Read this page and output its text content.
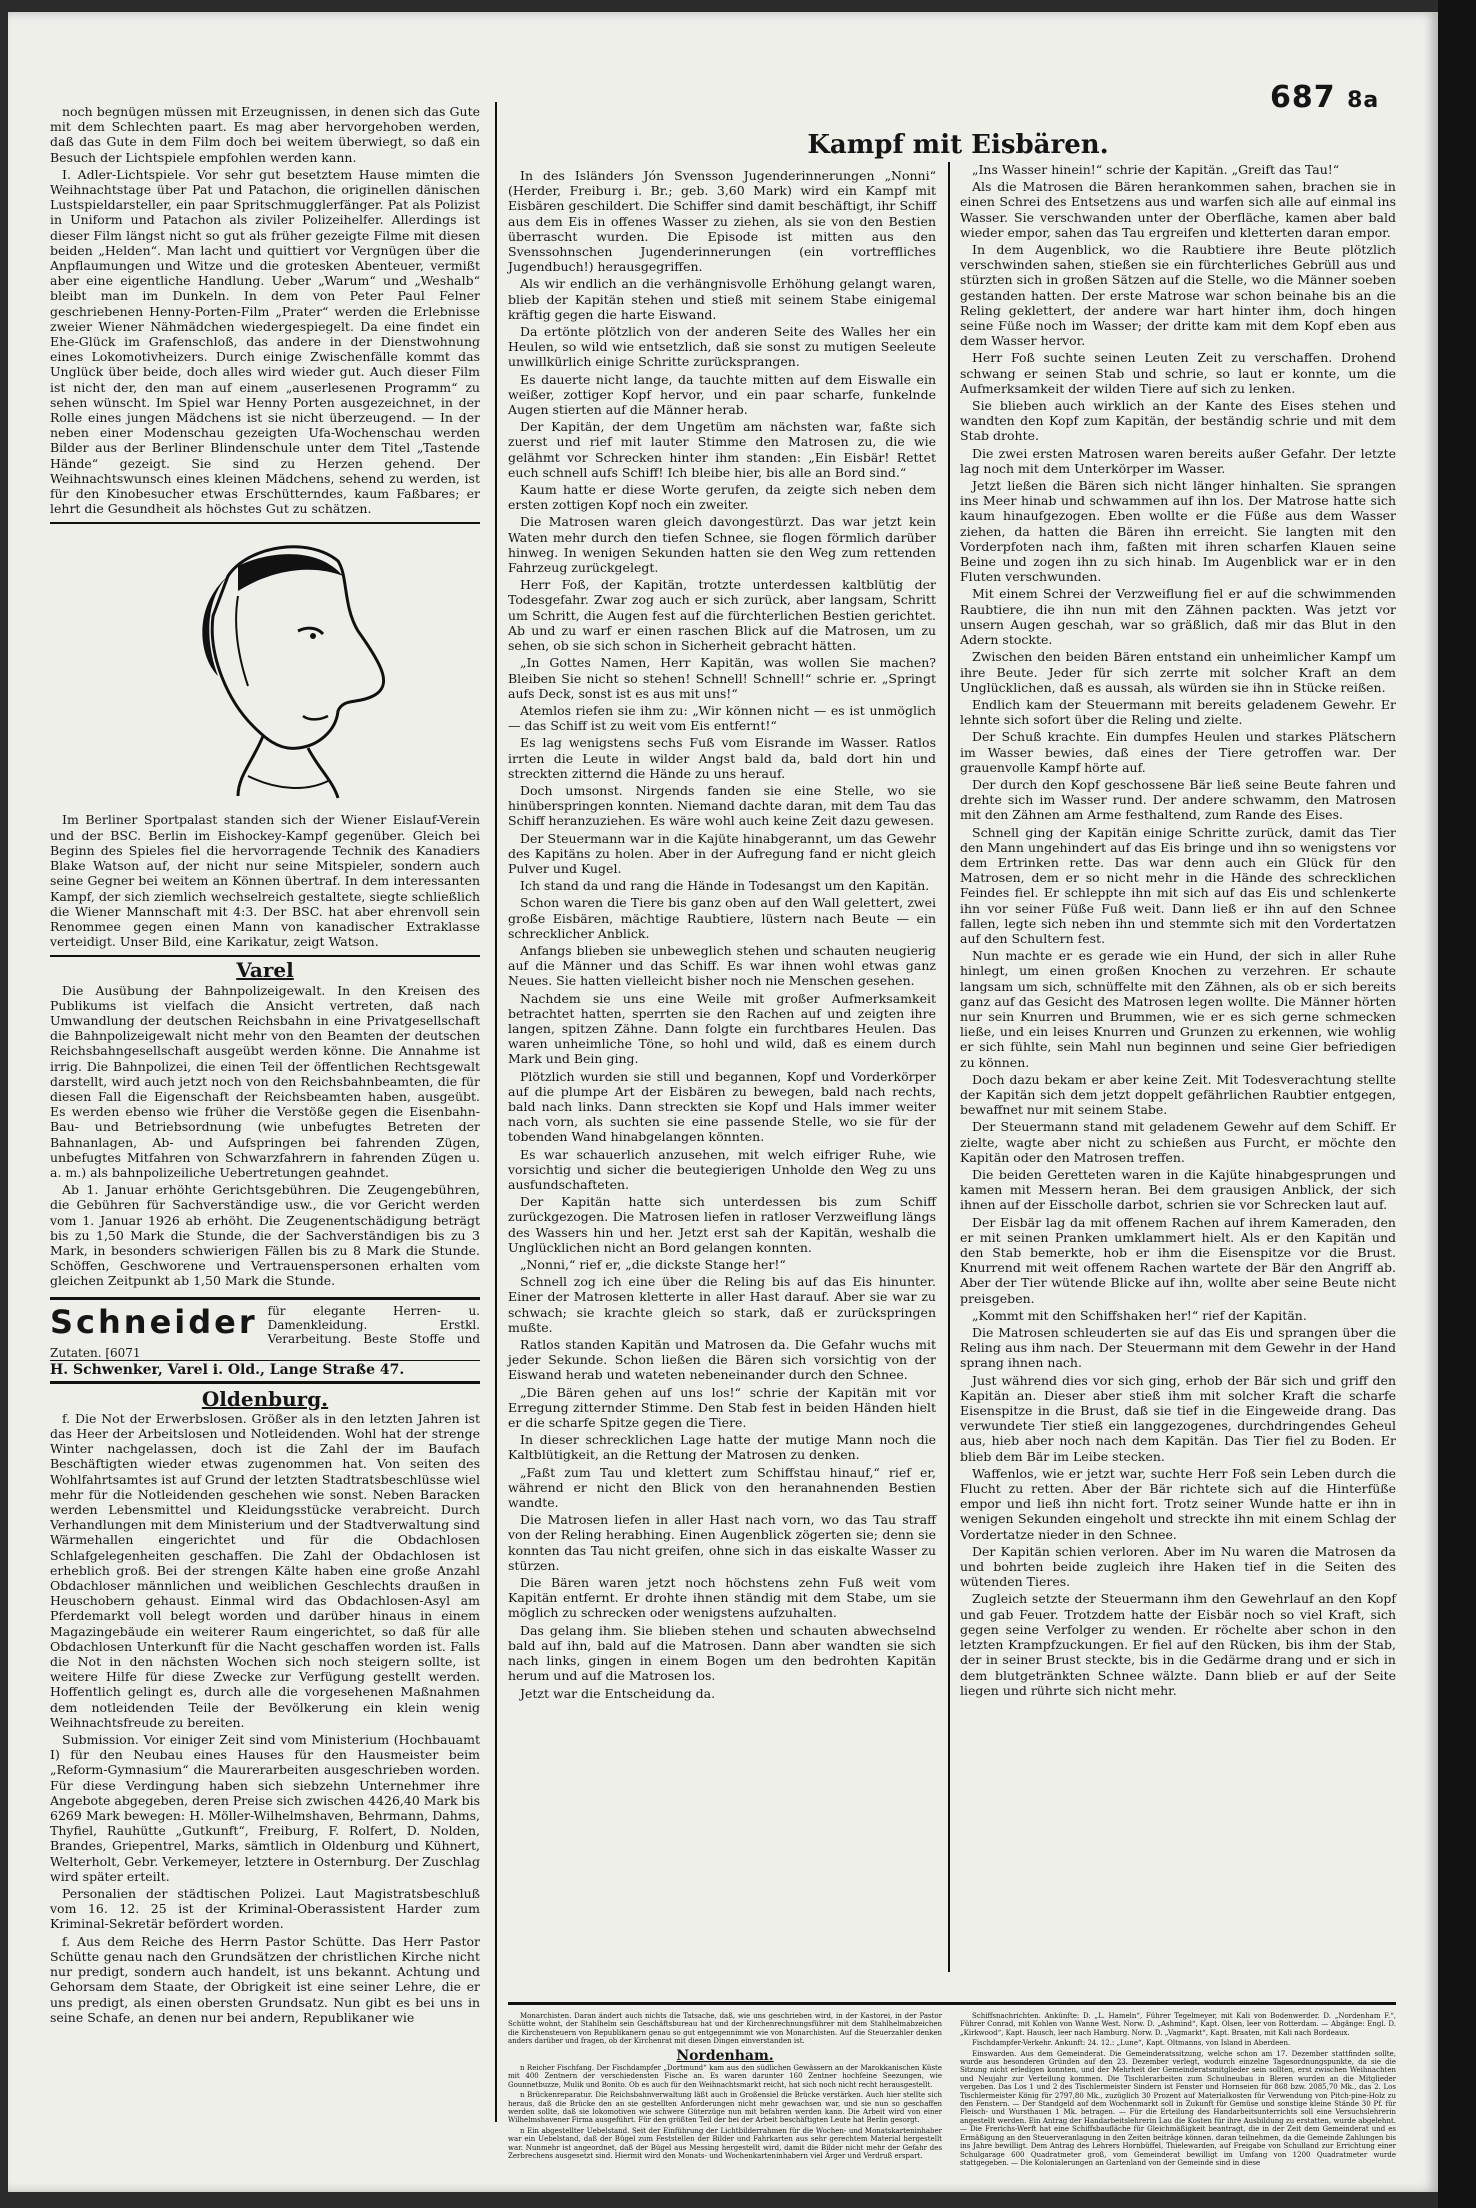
687 8a

noch begnügen müssen mit Erzeugnissen, in denen sich das Gute mit dem Schlechten paart. Es mag aber hervorgehoben werden, daß das Gute in dem Film doch bei weitem überwiegt, so daß ein Besuch der Lichtspiele empfohlen werden kann.

I. Adler-Lichtspiele. Vor sehr gut besetztem Hause mimten die Weihnachtstage über Pat und Patachon, die originellen dänischen Lustspieldarsteller, ein paar Spritschmugglerfänger. Pat als Polizist in Uniform und Patachon als ziviler Polizeihelfer. Allerdings ist dieser Film längst nicht so gut als früher gezeigte Filme mit diesen beiden „Helden“. Man lacht und quittiert vor Vergnügen über die Anpflaumungen und Witze und die grotesken Abenteuer, vermißt aber eine eigentliche Handlung. Ueber „Warum“ und „Weshalb“ bleibt man im Dunkeln. In dem von Peter Paul Felner geschriebenen Henny-Porten-Film „Prater“ werden die Erlebnisse zweier Wiener Nähmädchen wiedergespiegelt. Da eine findet ein Ehe-Glück im Grafenschloß, das andere in der Dienstwohnung eines Lokomotivheizers. Durch einige Zwischenfälle kommt das Unglück über beide, doch alles wird wieder gut. Auch dieser Film ist nicht der, den man auf einem „auserlesenen Programm“ zu sehen wünscht. Im Spiel war Henny Porten ausgezeichnet, in der Rolle eines jungen Mädchens ist sie nicht überzeugend. — In der neben einer Modenschau gezeigten Ufa-Wochenschau werden Bilder aus der Berliner Blindenschule unter dem Titel „Tastende Hände“ gezeigt. Sie sind zu Herzen gehend. Der Weihnachtswunsch eines kleinen Mädchens, sehend zu werden, ist für den Kinobesucher etwas Erschütterndes, kaum Faßbares; er lehrt die Gesundheit als höchstes Gut zu schätzen.

Im Berliner Sportpalast standen sich der Wiener Eislauf-Verein und der BSC. Berlin im Eishockey-Kampf gegenüber. Gleich bei Beginn des Spieles fiel die hervorragende Technik des Kanadiers Blake Watson auf, der nicht nur seine Mitspieler, sondern auch seine Gegner bei weitem an Können übertraf. In dem interessanten Kampf, der sich ziemlich wechselreich gestaltete, siegte schließlich die Wiener Mannschaft mit 4:3. Der BSC. hat aber ehrenvoll sein Renommee gegen einen Mann von kanadischer Extraklasse verteidigt. Unser Bild, eine Karikatur, zeigt Watson.

Varel

Die Ausübung der Bahnpolizeigewalt. In den Kreisen des Publikums ist vielfach die Ansicht vertreten, daß nach Umwandlung der deutschen Reichsbahn in eine Privatgesellschaft die Bahnpolizeigewalt nicht mehr von den Beamten der deutschen Reichsbahngesellschaft ausgeübt werden könne. Die Annahme ist irrig. Die Bahnpolizei, die einen Teil der öffentlichen Rechtsgewalt darstellt, wird auch jetzt noch von den Reichsbahnbeamten, die für diesen Fall die Eigenschaft der Reichsbeamten haben, ausgeübt. Es werden ebenso wie früher die Verstöße gegen die Eisenbahn-Bau- und Betriebsordnung (wie unbefugtes Betreten der Bahnanlagen, Ab- und Aufspringen bei fahrenden Zügen, unbefugtes Mitfahren von Schwarzfahrern in fahrenden Zügen u. a. m.) als bahnpolizeiliche Uebertretungen geahndet.

Ab 1. Januar erhöhte Gerichtsgebühren. Die Zeugengebühren, die Gebühren für Sachverständige usw., die vor Gericht werden vom 1. Januar 1926 ab erhöht. Die Zeugenentschädigung beträgt bis zu 1,50 Mark die Stunde, die der Sachverständigen bis zu 3 Mark, in besonders schwierigen Fällen bis zu 8 Mark die Stunde. Schöffen, Geschworene und Vertrauenspersonen erhalten vom gleichen Zeitpunkt ab 1,50 Mark die Stunde.

Schneider für elegante Herren- u. Damenkleidung. Erstkl. Verarbeitung. Beste Stoffe und Zutaten. [6071
H. Schwenker, Varel i. Old., Lange Straße 47.
Oldenburg.

f. Die Not der Erwerbslosen. Größer als in den letzten Jahren ist das Heer der Arbeitslosen und Notleidenden. Wohl hat der strenge Winter nachgelassen, doch ist die Zahl der im Baufach Beschäftigten wieder etwas zugenommen hat. Von seiten des Wohlfahrtsamtes ist auf Grund der letzten Stadtratsbeschlüsse wiel mehr für die Notleidenden geschehen wie sonst. Neben Baracken werden Lebensmittel und Kleidungsstücke verabreicht. Durch Verhandlungen mit dem Ministerium und der Stadtverwaltung sind Wärmehallen eingerichtet und für die Obdachlosen Schlafgelegenheiten geschaffen. Die Zahl der Obdachlosen ist erheblich groß. Bei der strengen Kälte haben eine große Anzahl Obdachloser männlichen und weiblichen Geschlechts draußen in Heuschobern gehaust. Einmal wird das Obdachlosen-Asyl am Pferdemarkt voll belegt worden und darüber hinaus in einem Magazingebäude ein weiterer Raum eingerichtet, so daß für alle Obdachlosen Unterkunft für die Nacht geschaffen worden ist. Falls die Not in den nächsten Wochen sich noch steigern sollte, ist weitere Hilfe für diese Zwecke zur Verfügung gestellt werden. Hoffentlich gelingt es, durch alle die vorgesehenen Maßnahmen dem notleidenden Teile der Bevölkerung ein klein wenig Weihnachtsfreude zu bereiten.

Submission. Vor einiger Zeit sind vom Ministerium (Hochbauamt I) für den Neubau eines Hauses für den Hausmeister beim „Reform-Gymnasium“ die Maurerarbeiten ausgeschrieben worden. Für diese Verdingung haben sich siebzehn Unternehmer ihre Angebote abgegeben, deren Preise sich zwischen 4426,40 Mark bis 6269 Mark bewegen: H. Möller-Wilhelmshaven, Behrmann, Dahms, Thyfiel, Rauhütte „Gutkunft“, Freiburg, F. Rolfert, D. Nolden, Brandes, Griepentrel, Marks, sämtlich in Oldenburg und Kühnert, Welterholt, Gebr. Verkemeyer, letztere in Osternburg. Der Zuschlag wird später erteilt.

Personalien der städtischen Polizei. Laut Magistratsbeschluß vom 16. 12. 25 ist der Kriminal-Oberassistent Harder zum Kriminal-Sekretär befördert worden.

f. Aus dem Reiche des Herrn Pastor Schütte. Das Herr Pastor Schütte genau nach den Grundsätzen der christlichen Kirche nicht nur predigt, sondern auch handelt, ist uns bekannt. Achtung und Gehorsam dem Staate, der Obrigkeit ist eine seiner Lehre, die er uns predigt, als einen obersten Grundsatz. Nun gibt es bei uns in seine Schafe, an denen nur bei andern, Republikaner wie

Kampf mit Eisbären.

In des Isländers Jón Svensson Jugenderinnerungen „Nonni“ (Herder, Freiburg i. Br.; geb. 3,60 Mark) wird ein Kampf mit Eisbären geschildert. Die Schiffer sind damit beschäftigt, ihr Schiff aus dem Eis in offenes Wasser zu ziehen, als sie von den Bestien überrascht wurden. Die Episode ist mitten aus den Svenssohnschen Jugenderinnerungen (ein vortreffliches Jugendbuch!) herausgegriffen.

Als wir endlich an die verhängnisvolle Erhöhung gelangt waren, blieb der Kapitän stehen und stieß mit seinem Stabe einigemal kräftig gegen die harte Eiswand.

Da ertönte plötzlich von der anderen Seite des Walles her ein Heulen, so wild wie entsetzlich, daß sie sonst zu mutigen Seeleute unwillkürlich einige Schritte zurücksprangen.

Es dauerte nicht lange, da tauchte mitten auf dem Eiswalle ein weißer, zottiger Kopf hervor, und ein paar scharfe, funkelnde Augen stierten auf die Männer herab.

Der Kapitän, der dem Ungetüm am nächsten war, faßte sich zuerst und rief mit lauter Stimme den Matrosen zu, die wie gelähmt vor Schrecken hinter ihm standen: „Ein Eisbär! Rettet euch schnell aufs Schiff! Ich bleibe hier, bis alle an Bord sind.“

Kaum hatte er diese Worte gerufen, da zeigte sich neben dem ersten zottigen Kopf noch ein zweiter.

Die Matrosen waren gleich davongestürzt. Das war jetzt kein Waten mehr durch den tiefen Schnee, sie flogen förmlich darüber hinweg. In wenigen Sekunden hatten sie den Weg zum rettenden Fahrzeug zurückgelegt.

Herr Foß, der Kapitän, trotzte unterdessen kaltblütig der Todesgefahr. Zwar zog auch er sich zurück, aber langsam, Schritt um Schritt, die Augen fest auf die fürchterlichen Bestien gerichtet. Ab und zu warf er einen raschen Blick auf die Matrosen, um zu sehen, ob sie sich schon in Sicherheit gebracht hätten.

„In Gottes Namen, Herr Kapitän, was wollen Sie machen? Bleiben Sie nicht so stehen! Schnell! Schnell!“ schrie er. „Springt aufs Deck, sonst ist es aus mit uns!“

Atemlos riefen sie ihm zu: „Wir können nicht — es ist unmöglich — das Schiff ist zu weit vom Eis entfernt!“

Es lag wenigstens sechs Fuß vom Eisrande im Wasser. Ratlos irrten die Leute in wilder Angst bald da, bald dort hin und streckten zitternd die Hände zu uns herauf.

Doch umsonst. Nirgends fanden sie eine Stelle, wo sie hinüberspringen konnten. Niemand dachte daran, mit dem Tau das Schiff heranzuziehen. Es wäre wohl auch keine Zeit dazu gewesen.

Der Steuermann war in die Kajüte hinabgerannt, um das Gewehr des Kapitäns zu holen. Aber in der Aufregung fand er nicht gleich Pulver und Kugel.

Ich stand da und rang die Hände in Todesangst um den Kapitän.

Schon waren die Tiere bis ganz oben auf den Wall gelettert, zwei große Eisbären, mächtige Raubtiere, lüstern nach Beute — ein schrecklicher Anblick.

Anfangs blieben sie unbeweglich stehen und schauten neugierig auf die Männer und das Schiff. Es war ihnen wohl etwas ganz Neues. Sie hatten vielleicht bisher noch nie Menschen gesehen.

Nachdem sie uns eine Weile mit großer Aufmerksamkeit betrachtet hatten, sperrten sie den Rachen auf und zeigten ihre langen, spitzen Zähne. Dann folgte ein furchtbares Heulen. Das waren unheimliche Töne, so hohl und wild, daß es einem durch Mark und Bein ging.

Plötzlich wurden sie still und begannen, Kopf und Vorderkörper auf die plumpe Art der Eisbären zu bewegen, bald nach rechts, bald nach links. Dann streckten sie Kopf und Hals immer weiter nach vorn, als suchten sie eine passende Stelle, wo sie für der tobenden Wand hinabgelangen könnten.

Es war schauerlich anzusehen, mit welch eifriger Ruhe, wie vorsichtig und sicher die beutegierigen Unholde den Weg zu uns ausfundschafteten.

Der Kapitän hatte sich unterdessen bis zum Schiff zurückgezogen. Die Matrosen liefen in ratloser Verzweiflung längs des Wassers hin und her. Jetzt erst sah der Kapitän, weshalb die Unglücklichen nicht an Bord gelangen konnten.

„Nonni,“ rief er, „die dickste Stange her!“

Schnell zog ich eine über die Reling bis auf das Eis hinunter. Einer der Matrosen kletterte in aller Hast darauf. Aber sie war zu schwach; sie krachte gleich so stark, daß er zurückspringen mußte.

Ratlos standen Kapitän und Matrosen da. Die Gefahr wuchs mit jeder Sekunde. Schon ließen die Bären sich vorsichtig von der Eiswand herab und wateten nebeneinander durch den Schnee.

„Die Bären gehen auf uns los!“ schrie der Kapitän mit vor Erregung zitternder Stimme. Den Stab fest in beiden Händen hielt er die scharfe Spitze gegen die Tiere.

In dieser schrecklichen Lage hatte der mutige Mann noch die Kaltblütigkeit, an die Rettung der Matrosen zu denken.

„Faßt zum Tau und klettert zum Schiffstau hinauf,“ rief er, während er nicht den Blick von den heranahnenden Bestien wandte.

Die Matrosen liefen in aller Hast nach vorn, wo das Tau straff von der Reling herabhing. Einen Augenblick zögerten sie; denn sie konnten das Tau nicht greifen, ohne sich in das eiskalte Wasser zu stürzen.

Die Bären waren jetzt noch höchstens zehn Fuß weit vom Kapitän entfernt. Er drohte ihnen ständig mit dem Stabe, um sie möglich zu schrecken oder wenigstens aufzuhalten.

Das gelang ihm. Sie blieben stehen und schauten abwechselnd bald auf ihn, bald auf die Matrosen. Dann aber wandten sie sich nach links, gingen in einem Bogen um den bedrohten Kapitän herum und auf die Matrosen los.

Jetzt war die Entscheidung da.

„Ins Wasser hinein!“ schrie der Kapitän. „Greift das Tau!“

Als die Matrosen die Bären herankommen sahen, brachen sie in einen Schrei des Entsetzens aus und warfen sich alle auf einmal ins Wasser. Sie verschwanden unter der Oberfläche, kamen aber bald wieder empor, sahen das Tau ergreifen und kletterten daran empor.

In dem Augenblick, wo die Raubtiere ihre Beute plötzlich verschwinden sahen, stießen sie ein fürchterliches Gebrüll aus und stürzten sich in großen Sätzen auf die Stelle, wo die Männer soeben gestanden hatten. Der erste Matrose war schon beinahe bis an die Reling geklettert, der andere war hart hinter ihm, doch hingen seine Füße noch im Wasser; der dritte kam mit dem Kopf eben aus dem Wasser hervor.

Herr Foß suchte seinen Leuten Zeit zu verschaffen. Drohend schwang er seinen Stab und schrie, so laut er konnte, um die Aufmerksamkeit der wilden Tiere auf sich zu lenken.

Sie blieben auch wirklich an der Kante des Eises stehen und wandten den Kopf zum Kapitän, der beständig schrie und mit dem Stab drohte.

Die zwei ersten Matrosen waren bereits außer Gefahr. Der letzte lag noch mit dem Unterkörper im Wasser.

Jetzt ließen die Bären sich nicht länger hinhalten. Sie sprangen ins Meer hinab und schwammen auf ihn los. Der Matrose hatte sich kaum hinaufgezogen. Eben wollte er die Füße aus dem Wasser ziehen, da hatten die Bären ihn erreicht. Sie langten mit den Vorderpfoten nach ihm, faßten mit ihren scharfen Klauen seine Beine und zogen ihn zu sich hinab. Im Augenblick war er in den Fluten verschwunden.

Mit einem Schrei der Verzweiflung fiel er auf die schwimmenden Raubtiere, die ihn nun mit den Zähnen packten. Was jetzt vor unsern Augen geschah, war so gräßlich, daß mir das Blut in den Adern stockte.

Zwischen den beiden Bären entstand ein unheimlicher Kampf um ihre Beute. Jeder für sich zerrte mit solcher Kraft an dem Unglücklichen, daß es aussah, als würden sie ihn in Stücke reißen.

Endlich kam der Steuermann mit bereits geladenem Gewehr. Er lehnte sich sofort über die Reling und zielte.

Der Schuß krachte. Ein dumpfes Heulen und starkes Plätschern im Wasser bewies, daß eines der Tiere getroffen war. Der grauenvolle Kampf hörte auf.

Der durch den Kopf geschossene Bär ließ seine Beute fahren und drehte sich im Wasser rund. Der andere schwamm, den Matrosen mit den Zähnen am Arme festhaltend, zum Rande des Eises.

Schnell ging der Kapitän einige Schritte zurück, damit das Tier den Mann ungehindert auf das Eis bringe und ihn so wenigstens vor dem Ertrinken rette. Das war denn auch ein Glück für den Matrosen, dem er so nicht mehr in die Hände des schrecklichen Feindes fiel. Er schleppte ihn mit sich auf das Eis und schlenkerte ihn vor seiner Füße Fuß weit. Dann ließ er ihn auf den Schnee fallen, legte sich neben ihn und stemmte sich mit den Vordertatzen auf den Schultern fest.

Nun machte er es gerade wie ein Hund, der sich in aller Ruhe hinlegt, um einen großen Knochen zu verzehren. Er schaute langsam um sich, schnüffelte mit den Zähnen, als ob er sich bereits ganz auf das Gesicht des Matrosen legen wollte. Die Männer hörten nur sein Knurren und Brummen, wie er es sich gerne schmecken ließe, und ein leises Knurren und Grunzen zu erkennen, wie wohlig er sich fühlte, sein Mahl nun beginnen und seine Gier befriedigen zu können.

Doch dazu bekam er aber keine Zeit. Mit Todesverachtung stellte der Kapitän sich dem jetzt doppelt gefährlichen Raubtier entgegen, bewaffnet nur mit seinem Stabe.

Der Steuermann stand mit geladenem Gewehr auf dem Schiff. Er zielte, wagte aber nicht zu schießen aus Furcht, er möchte den Kapitän oder den Matrosen treffen.

Die beiden Geretteten waren in die Kajüte hinabgesprungen und kamen mit Messern heran. Bei dem grausigen Anblick, der sich ihnen auf der Eisscholle darbot, schrien sie vor Schrecken laut auf.

Der Eisbär lag da mit offenem Rachen auf ihrem Kameraden, den er mit seinen Pranken umklammert hielt. Als er den Kapitän und den Stab bemerkte, hob er ihm die Eisenspitze vor die Brust. Knurrend mit weit offenem Rachen wartete der Bär den Angriff ab. Aber der Tier wütende Blicke auf ihn, wollte aber seine Beute nicht preisgeben.

„Kommt mit den Schiffshaken her!“ rief der Kapitän.

Die Matrosen schleuderten sie auf das Eis und sprangen über die Reling aus ihm nach. Der Steuermann mit dem Gewehr in der Hand sprang ihnen nach.

Just während dies vor sich ging, erhob der Bär sich und griff den Kapitän an. Dieser aber stieß ihm mit solcher Kraft die scharfe Eisenspitze in die Brust, daß sie tief in die Eingeweide drang. Das verwundete Tier stieß ein langgezogenes, durchdringendes Geheul aus, hieb aber noch nach dem Kapitän. Das Tier fiel zu Boden. Er blieb dem Bär im Leibe stecken.

Waffenlos, wie er jetzt war, suchte Herr Foß sein Leben durch die Flucht zu retten. Aber der Bär richtete sich auf die Hinterfüße empor und ließ ihn nicht fort. Trotz seiner Wunde hatte er ihn in wenigen Sekunden eingeholt und streckte ihn mit einem Schlag der Vordertatze nieder in den Schnee.

Der Kapitän schien verloren. Aber im Nu waren die Matrosen da und bohrten beide zugleich ihre Haken tief in die Seiten des wütenden Tieres.

Zugleich setzte der Steuermann ihm den Gewehrlauf an den Kopf und gab Feuer. Trotzdem hatte der Eisbär noch so viel Kraft, sich gegen seine Verfolger zu wenden. Er röchelte aber schon in den letzten Krampfzuckungen. Er fiel auf den Rücken, bis ihm der Stab, der in seiner Brust steckte, bis in die Gedärme drang und er sich in dem blutgetränkten Schnee wälzte. Dann blieb er auf der Seite liegen und rührte sich nicht mehr.

Monarchisten. Daran ändert auch nichts die Tatsache, daß, wie uns geschrieben wird, in der Kastorei, in der Pastor Schütte wohnt, der Stahlhelm sein Geschäftsbureau hat und der Kirchenrechnungsführer mit dem Stahlhelmabzeichen die Kirchensteuern von Republikanern genau so gut entgegennimmt wie von Monarchisten. Auf die Steuerzahler denken anders darüber und fragen, ob der Kirchenrat mit diesen Dingen einverstanden ist.

Nordenham.

n Reicher Fischfang. Der Fischdampfer „Dortmund“ kam aus den südlichen Gewässern an der Marokkanischen Küste mit 400 Zentnern der verschiedensten Fische an. Es waren darunter 160 Zentner hochfeine Seezungen, wie Gounnetbuzze, Mulik und Bonito. Ob es auch für den Weihnachtsmarkt reicht, hat sich noch nicht recht herausgestellt.

n Brückenreparatur. Die Reichsbahnverwaltung läßt auch in Großensiel die Brücke verstärken. Auch hier stellte sich heraus, daß die Brücke den an sie gestellten Anforderungen nicht mehr gewachsen war, und sie nun so geschaffen werden sollte, daß sie lokomotiven wie schwere Güterzüge nun mit befahren werden kann. Die Arbeit wird von einer Wilhelmshavener Firma ausgeführt. Für den größten Teil der bei der Arbeit beschäftigten Leute hat Berlin gesorgt.

n Ein abgestellter Uebelstand. Seit der Einführung der Lichtbilderrahmen für die Wochen- und Monatskarteninhaber war ein Uebelstand, daß der Bügel zum Feststellen der Bilder und Fahrkarten aus sehr gerechtem Material hergestellt war. Nunmehr ist angeordnet, daß der Bügel aus Messing hergestellt wird, damit die Bilder nicht mehr der Gefahr des Zerbrechens ausgesetzt sind. Hiermit wird den Monats- und Wochenkarteninhabern viel Ärger und Verdruß erspart.

Schiffsnachrichten. Ankünfte: D. „L. Hameln“, Führer Tegelmeyer, mit Kali von Bodenwerder. D. „Nordenham F.“, Führer Conrad, mit Kohlen von Wanne West. Norw. D. „Ashmind“, Kapt. Olsen, leer von Rotterdam. — Abgänge: Engl. D. „Kirkwood“, Kapt. Hausch, leer nach Hamburg. Norw. D. „Vagmarkt“, Kapt. Braaten, mit Kali nach Bordeaux.

Fischdampfer-Verkehr. Ankunft: 24. 12.: „Lune“, Kapt. Oltmanns, von Island in Aberdeen.

Einswarden. Aus dem Gemeinderat. Die Gemeinderatssitzung, welche schon am 17. Dezember stattfinden sollte, wurde aus besonderen Gründen auf den 23. Dezember verlegt, wodurch einzelne Tagesordnungspunkte, da sie die Sitzung nicht erledigen konnten, und der Mehrheit der Gemeinderatsmitglieder sein sollten, erst zwischen Weihnachten und Neujahr zur Verteilung kommen. Die Tischlerarbeiten zum Schulneubau in Bleren wurden an die Mitglieder vergeben. Das Los 1 und 2 des Tischlermeister Sindern ist Fenster und Hornseien für 868 bzw. 2085,70 Mk., das 2. Los Tischlermeister König für 2797,80 Mk., zuzüglich 30 Prozent auf Materialkosten für Verwendung von Pitch-pine-Holz zu den Fenstern. — Der Standgeld auf dem Wochenmarkt soll in Zukunft für Gemüse und sonstige kleine Stände 30 Pf. für Fleisch- und Wursthauen 1 Mk. betragen. — Für die Erteilung des Handarbeitsunterrichts soll eine Versuchslehrerin angestellt werden. Ein Antrag der Handarbeitslehrerin Lau die Kosten für ihre Ausbildung zu erstatten, wurde abgelehnt. — Die Frerichs-Werft hat eine Schiffsbaufläche für Gleichmäßigkeit beantragt, die in der Zeit dem Gemeinderat und es Ermäßigung an den Steuerveranlagung in den Zeiten beiträge können. daran teilnehmen, da die Gemeinde Zahlungen bis ins Jahre bewilligt. Dem Antrag des Lehrers Hornbüffel, Thielewarden, auf Freigabe von Schulland zur Errichtung einer Schulgarage 600 Quadratmeter groß, vom Gemeinderat bewilligt im Umfang von 1200 Quadratmeter wurde stattgegeben. — Die Kolonialerungen an Gartenland von der Gemeinde sind in diese
